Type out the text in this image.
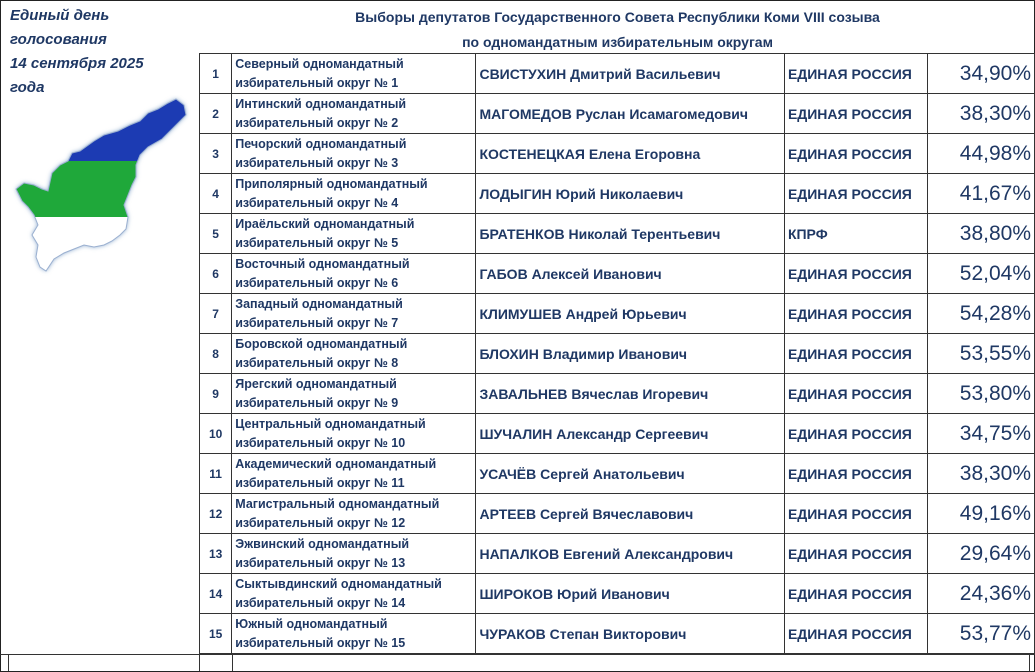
Выборы депутатов Государственного Совета Республики Коми VIII созыва
по одномандатным избирательным округам
Единый день
голосования
14 сентября 2025
года
1	Северный одномандатный
избирательный округ № 1	СВИСТУХИН Дмитрий Васильевич	ЕДИНАЯ РОССИЯ	34,90%
2	Интинский одномандатный
избирательный округ № 2	МАГОМЕДОВ Руслан Исамагомедович	ЕДИНАЯ РОССИЯ	38,30%
3	Печорский одномандатный
избирательный округ № 3	КОСТЕНЕЦКАЯ Елена Егоровна	ЕДИНАЯ РОССИЯ	44,98%
4	Приполярный одномандатный
избирательный округ № 4	ЛОДЫГИН Юрий Николаевич	ЕДИНАЯ РОССИЯ	41,67%
5	Ираёльский одномандатный
избирательный округ № 5	БРАТЕНКОВ Николай Терентьевич	КПРФ	38,80%
6	Восточный одномандатный
избирательный округ № 6	ГАБОВ Алексей Иванович	ЕДИНАЯ РОССИЯ	52,04%
7	Западный одномандатный
избирательный округ № 7	КЛИМУШЕВ Андрей Юрьевич	ЕДИНАЯ РОССИЯ	54,28%
8	Боровской одномандатный
избирательный округ № 8	БЛОХИН Владимир Иванович	ЕДИНАЯ РОССИЯ	53,55%
9	Ярегский одномандатный
избирательный округ № 9	ЗАВАЛЬНЕВ Вячеслав Игоревич	ЕДИНАЯ РОССИЯ	53,80%
10	Центральный одномандатный
избирательный округ № 10	ШУЧАЛИН Александр Сергеевич	ЕДИНАЯ РОССИЯ	34,75%
11	Академический одномандатный
избирательный округ № 11	УСАЧЁВ Сергей Анатольевич	ЕДИНАЯ РОССИЯ	38,30%
12	Магистральный одномандатный
избирательный округ № 12	АРТЕЕВ Сергей Вячеславович	ЕДИНАЯ РОССИЯ	49,16%
13	Эжвинский одномандатный
избирательный округ № 13	НАПАЛКОВ Евгений Александрович	ЕДИНАЯ РОССИЯ	29,64%
14	Сыктывдинский одномандатный
избирательный округ № 14	ШИРОКОВ Юрий Иванович	ЕДИНАЯ РОССИЯ	24,36%
15	Южный одномандатный
избирательный округ № 15	ЧУРАКОВ Степан Викторович	ЕДИНАЯ РОССИЯ	53,77%
